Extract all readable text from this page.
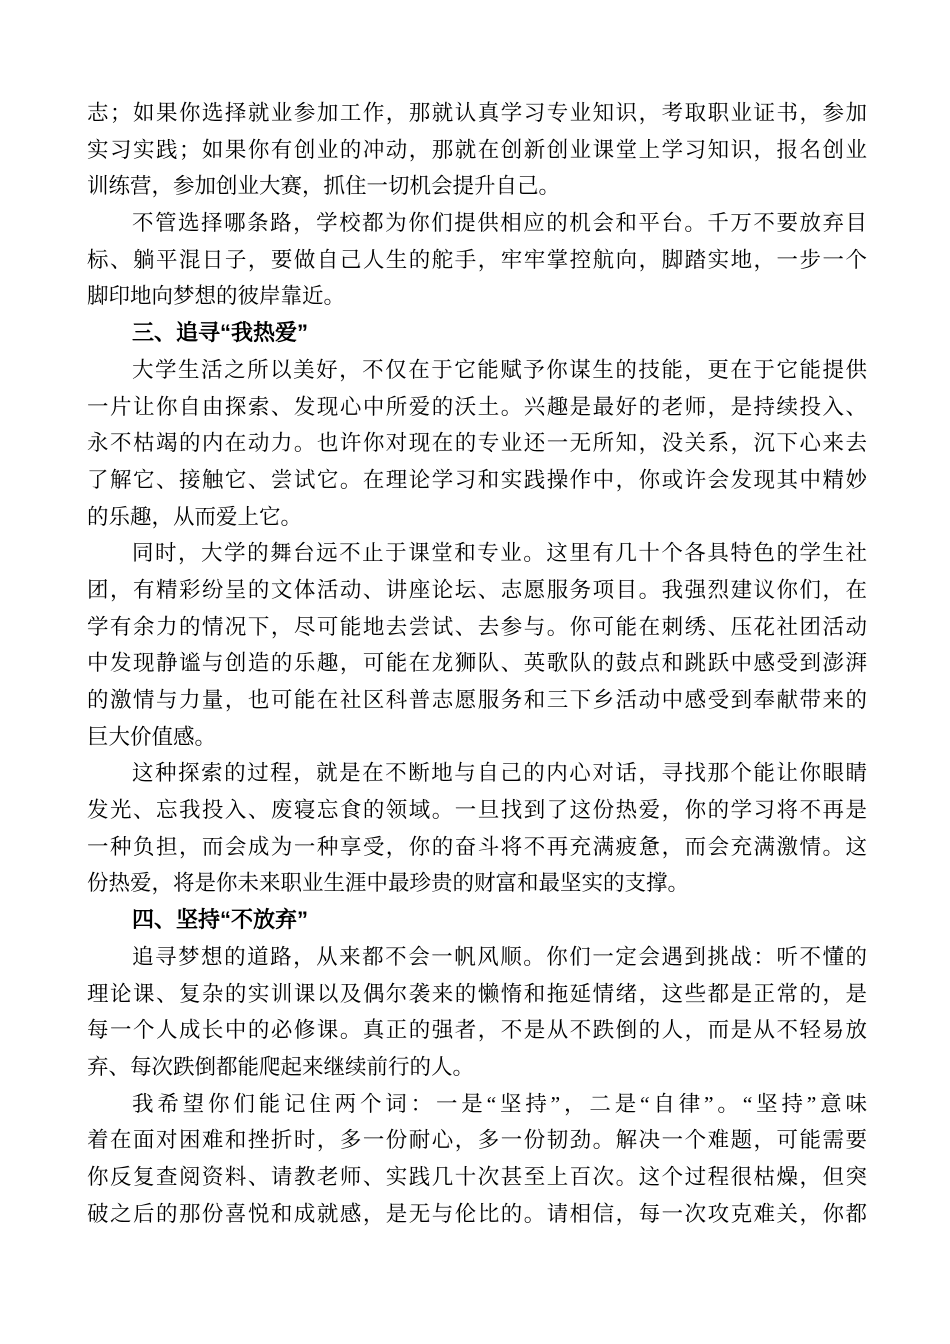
志；如果你选择就业参加工作，那就认真学习专业知识，考取职业证书，参加
实习实践；如果你有创业的冲动，那就在创新创业课堂上学习知识，报名创业
训练营，参加创业大赛，抓住一切机会提升自己。
不管选择哪条路，学校都为你们提供相应的机会和平台。千万不要放弃目
标、躺平混日子，要做自己人生的舵手，牢牢掌控航向，脚踏实地，一步一个
脚印地向梦想的彼岸靠近。
三、追寻“我热爱”
大学生活之所以美好，不仅在于它能赋予你谋生的技能，更在于它能提供
一片让你自由探索、发现心中所爱的沃土。兴趣是最好的老师，是持续投入、
永不枯竭的内在动力。也许你对现在的专业还一无所知，没关系，沉下心来去
了解它、接触它、尝试它。在理论学习和实践操作中，你或许会发现其中精妙
的乐趣，从而爱上它。
同时，大学的舞台远不止于课堂和专业。这里有几十个各具特色的学生社
团，有精彩纷呈的文体活动、讲座论坛、志愿服务项目。我强烈建议你们，在
学有余力的情况下，尽可能地去尝试、去参与。你可能在刺绣、压花社团活动
中发现静谧与创造的乐趣，可能在龙狮队、英歌队的鼓点和跳跃中感受到澎湃
的激情与力量，也可能在社区科普志愿服务和三下乡活动中感受到奉献带来的
巨大价值感。
这种探索的过程，就是在不断地与自己的内心对话，寻找那个能让你眼睛
发光、忘我投入、废寝忘食的领域。一旦找到了这份热爱，你的学习将不再是
一种负担，而会成为一种享受，你的奋斗将不再充满疲惫，而会充满激情。这
份热爱，将是你未来职业生涯中最珍贵的财富和最坚实的支撑。
四、坚持“不放弃”
追寻梦想的道路，从来都不会一帆风顺。你们一定会遇到挑战：听不懂的
理论课、复杂的实训课以及偶尔袭来的懒惰和拖延情绪，这些都是正常的，是
每一个人成长中的必修课。真正的强者，不是从不跌倒的人，而是从不轻易放
弃、每次跌倒都能爬起来继续前行的人。
我希望你们能记住两个词：一是“坚持”，二是“自律”。“坚持”意味
着在面对困难和挫折时，多一份耐心，多一份韧劲。解决一个难题，可能需要
你反复查阅资料、请教老师、实践几十次甚至上百次。这个过程很枯燥，但突
破之后的那份喜悦和成就感，是无与伦比的。请相信，每一次攻克难关，你都
